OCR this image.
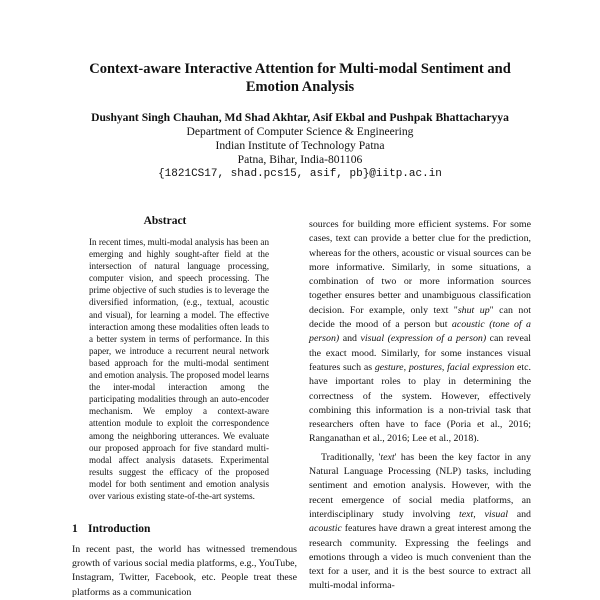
Context-aware Interactive Attention for Multi-modal Sentiment and
Emotion Analysis
Dushyant Singh Chauhan, Md Shad Akhtar, Asif Ekbal and Pushpak Bhattacharyya
Department of Computer Science & Engineering
Indian Institute of Technology Patna
Patna, Bihar, India-801106
{1821CS17, shad.pcs15, asif, pb}@iitp.ac.in
Abstract
In recent times, multi-modal analysis has been an emerging and highly sought-after field at the intersection of natural language processing, computer vision, and speech processing. The prime objective of such studies is to leverage the diversified information, (e.g., textual, acoustic and visual), for learning a model. The effective interaction among these modalities often leads to a better system in terms of performance. In this paper, we introduce a recurrent neural network based approach for the multi-modal sentiment and emotion analysis. The proposed model learns the inter-modal interaction among the participating modalities through an auto-encoder mechanism. We employ a context-aware attention module to exploit the correspondence among the neighboring utterances. We evaluate our proposed approach for five standard multi-modal affect analysis datasets. Experimental results suggest the efficacy of the proposed model for both sentiment and emotion analysis over various existing state-of-the-art systems.
1 Introduction
In recent past, the world has witnessed tremendous growth of various social media platforms, e.g., YouTube, Instagram, Twitter, Facebook, etc. People treat these platforms as a communication

sources for building more efficient systems. For some cases, text can provide a better clue for the prediction, whereas for the others, acoustic or visual sources can be more informative. Similarly, in some situations, a combination of two or more information sources together ensures better and unambiguous classification decision. For example, only text "shut up" can not decide the mood of a person but acoustic (tone of a person) and visual (expression of a person) can reveal the exact mood. Similarly, for some instances visual features such as gesture, postures, facial expression etc. have important roles to play in determining the correctness of the system. However, effectively combining this information is a non-trivial task that researchers often have to face (Poria et al., 2016; Ranganathan et al., 2016; Lee et al., 2018).

Traditionally, 'text' has been the key factor in any Natural Language Processing (NLP) tasks, including sentiment and emotion analysis. However, with the recent emergence of social media platforms, an interdisciplinary study involving text, visual and acoustic features have drawn a great interest among the research community. Expressing the feelings and emotions through a video is much convenient than the text for a user, and it is the best source to extract all multi-modal informa-
